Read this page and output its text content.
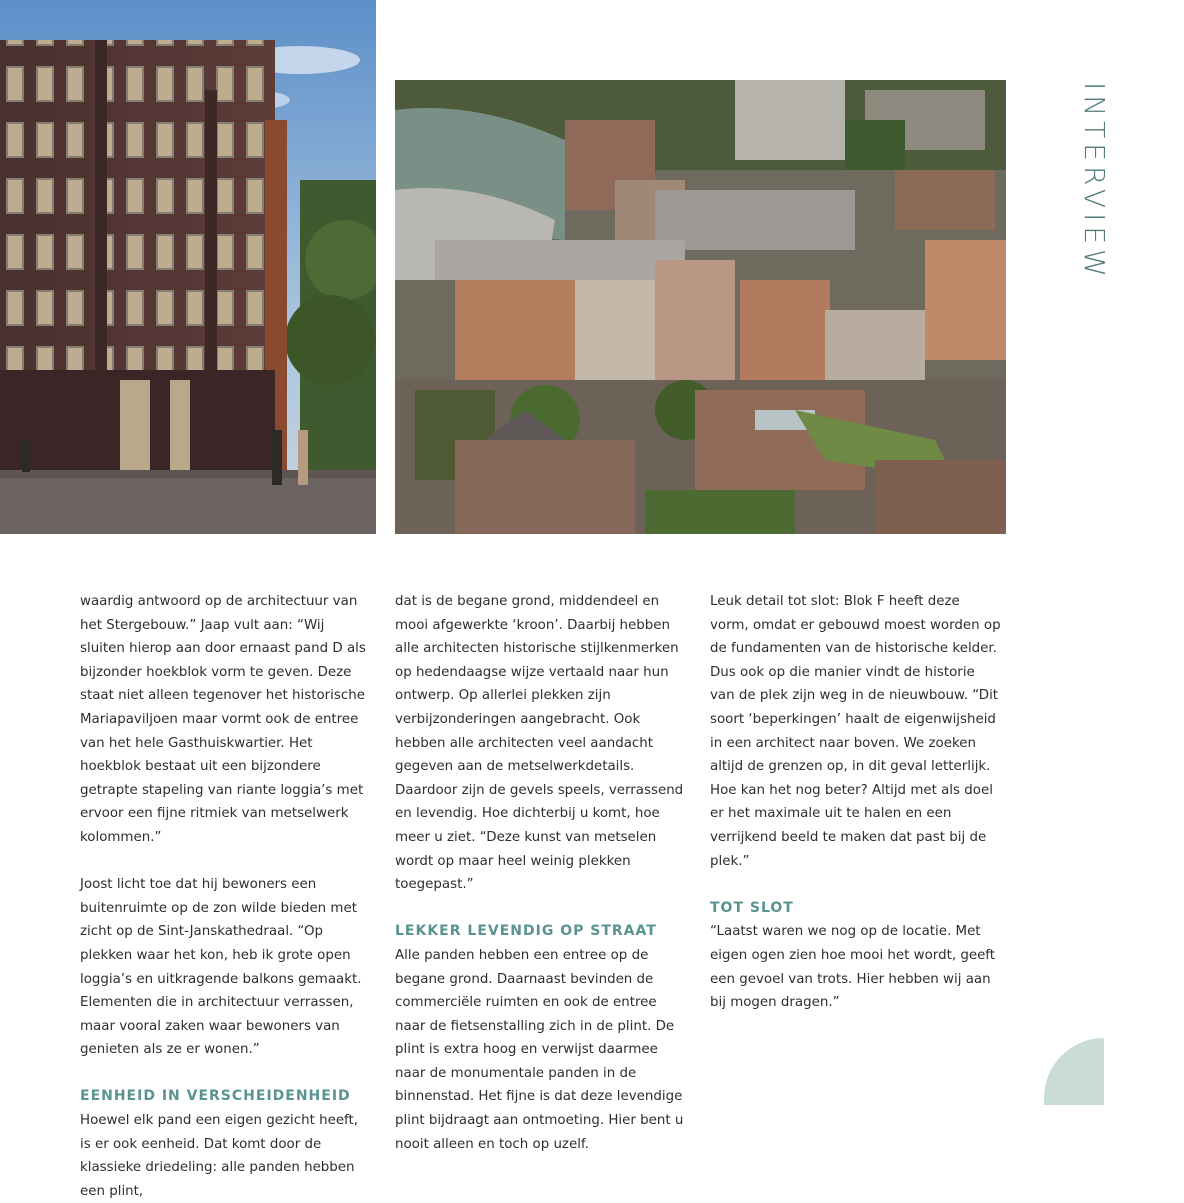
INTERVIEW

waardig antwoord op de architectuur van het Stergebouw.” Jaap vult aan: “Wij sluiten hierop aan door ernaast pand D als bijzonder hoekblok vorm te geven. Deze staat niet alleen tegenover het historische Mariapaviljoen maar vormt ook de entree van het hele Gasthuiskwartier. Het hoekblok bestaat uit een bijzondere getrapte stapeling van riante loggia’s met ervoor een fijne ritmiek van metselwerk kolommen.”

Joost licht toe dat hij bewoners een buitenruimte op de zon wilde bieden met zicht op de Sint-Janskathedraal. “Op plekken waar het kon, heb ik grote open loggia’s en uitkragende balkons gemaakt. Elementen die in architectuur verrassen, maar vooral zaken waar bewoners van genieten als ze er wonen.”

EENHEID IN VERSCHEIDENHEID

Hoewel elk pand een eigen gezicht heeft, is er ook eenheid. Dat komt door de klassieke driedeling: alle panden hebben een plint,

dat is de begane grond, middendeel en mooi afgewerkte ‘kroon’. Daarbij hebben alle architecten historische stijlkenmerken op hedendaagse wijze vertaald naar hun ontwerp. Op allerlei plekken zijn verbijzonderingen aangebracht. Ook hebben alle architecten veel aandacht gegeven aan de metselwerkdetails. Daardoor zijn de gevels speels, verrassend en levendig. Hoe dichterbij u komt, hoe meer u ziet. “Deze kunst van metselen wordt op maar heel weinig plekken toegepast.”

LEKKER LEVENDIG OP STRAAT

Alle panden hebben een entree op de begane grond. Daarnaast bevinden de commerciële ruimten en ook de entree naar de fietsenstalling zich in de plint. De plint is extra hoog en verwijst daarmee naar de monumentale panden in de binnenstad. Het fijne is dat deze levendige plint bijdraagt aan ontmoeting. Hier bent u nooit alleen en toch op uzelf.

Leuk detail tot slot: Blok F heeft deze vorm, omdat er gebouwd moest worden op de fundamenten van de historische kelder. Dus ook op die manier vindt de historie van de plek zijn weg in de nieuwbouw. “Dit soort ‘beperkingen’ haalt de eigenwijsheid in een architect naar boven. We zoeken altijd de grenzen op, in dit geval letterlijk. Hoe kan het nog beter? Altijd met als doel er het maximale uit te halen en een verrijkend beeld te maken dat past bij de plek.”

TOT SLOT

“Laatst waren we nog op de locatie. Met eigen ogen zien hoe mooi het wordt, geeft een gevoel van trots. Hier hebben wij aan bij mogen dragen.”
